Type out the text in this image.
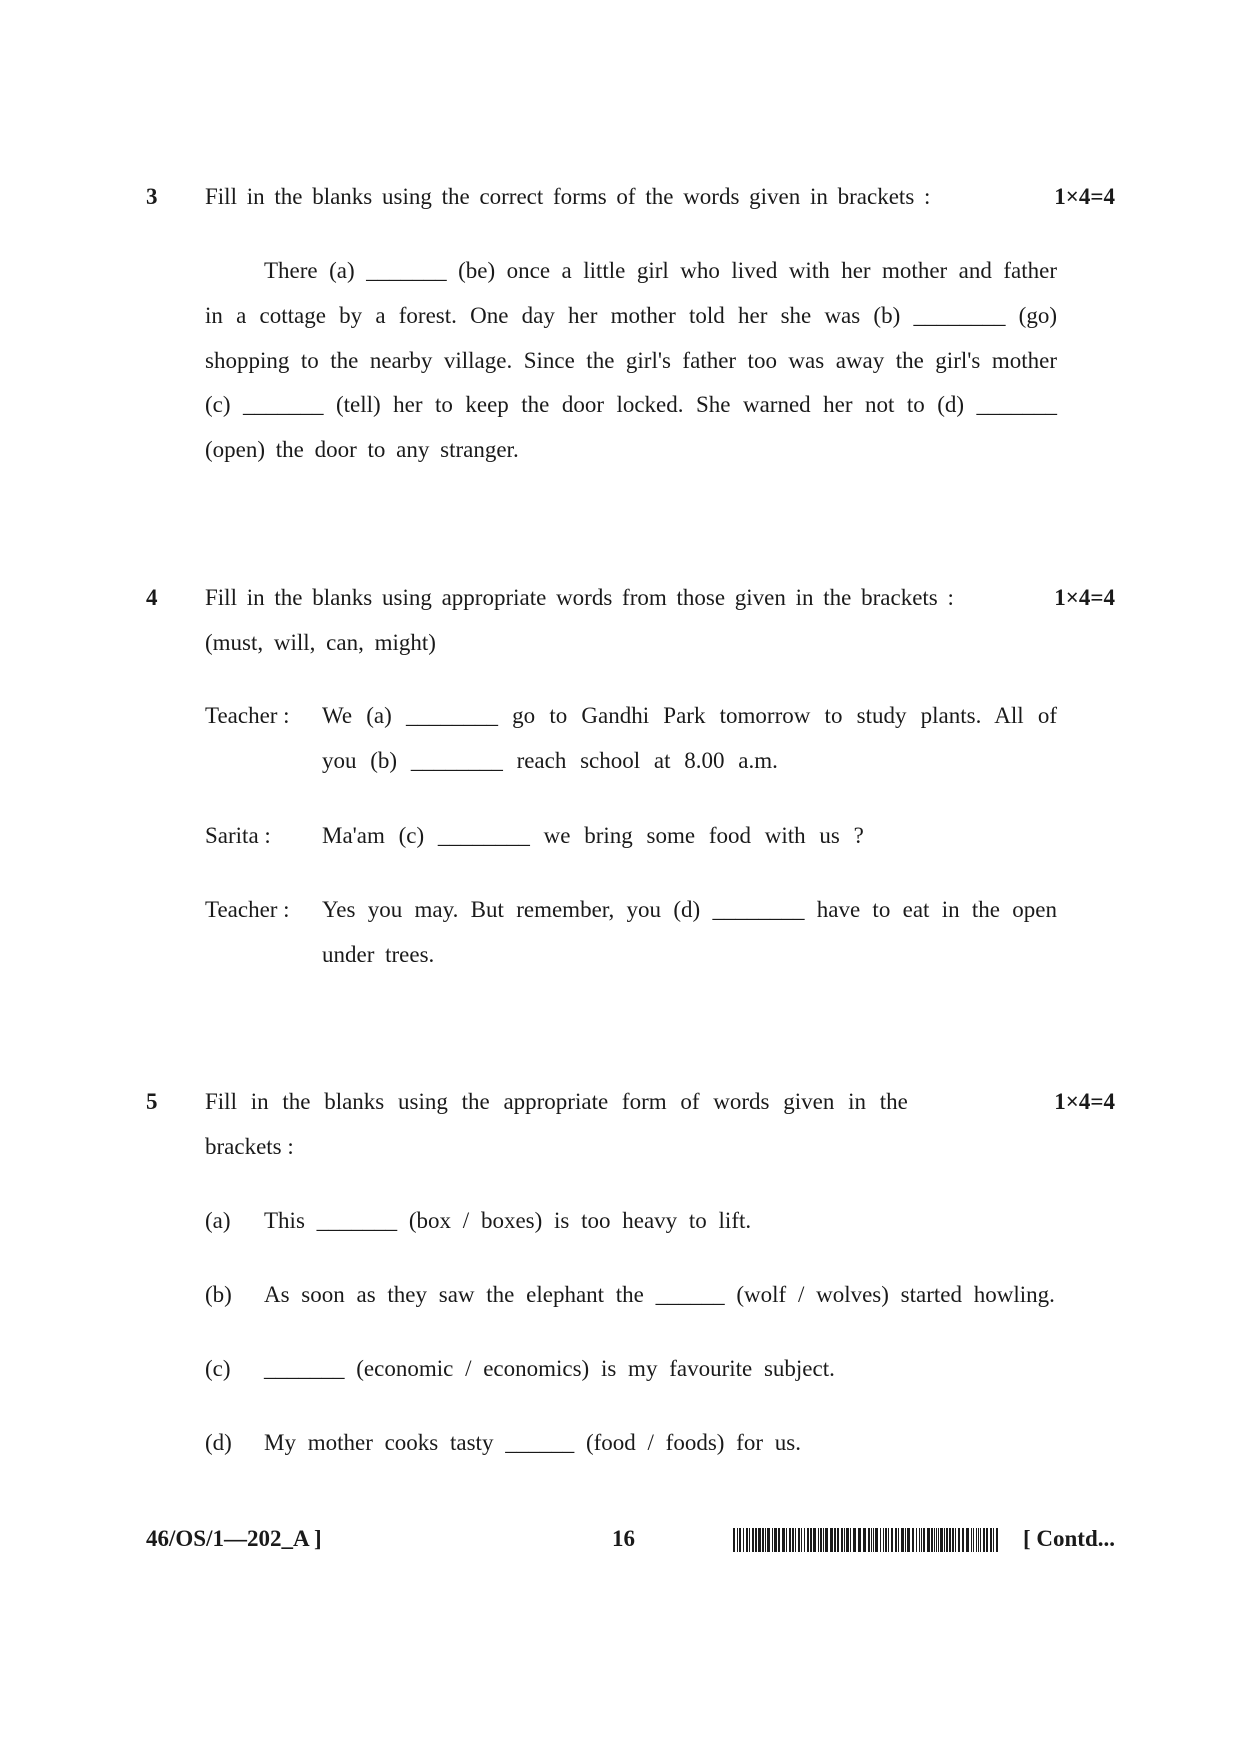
3 Fill in the blanks using the correct forms of the words given in brackets :	1×4=4
There (a) _______ (be) once a little girl who lived with her mother and father
in a cottage by a forest. One day her mother told her she was (b) ________ (go)
shopping to the nearby village. Since the girl's father too was away the girl's mother
(c) _______ (tell) her to keep the door locked. She warned her not to (d) _______
(open) the door to any stranger.
4 Fill in the blanks using appropriate words from those given in the brackets :	1×4=4
(must, will, can, might)
Teacher : We (a) ________ go to Gandhi Park tomorrow to study plants. All of
you (b) ________ reach school at 8.00 a.m.
Sarita : Ma'am (c) ________ we bring some food with us ?
Teacher : Yes you may. But remember, you (d) ________ have to eat in the open
under trees.
5 Fill in the blanks using the appropriate form of words given in the	1×4=4
brackets :
(a) This _______ (box / boxes) is too heavy to lift.
(b) As soon as they saw the elephant the ______ (wolf / wolves) started howling.
(c) _______ (economic / economics) is my favourite subject.
(d) My mother cooks tasty ______ (food / foods) for us.
46/OS/1—202_A ]	16	[ Contd...
